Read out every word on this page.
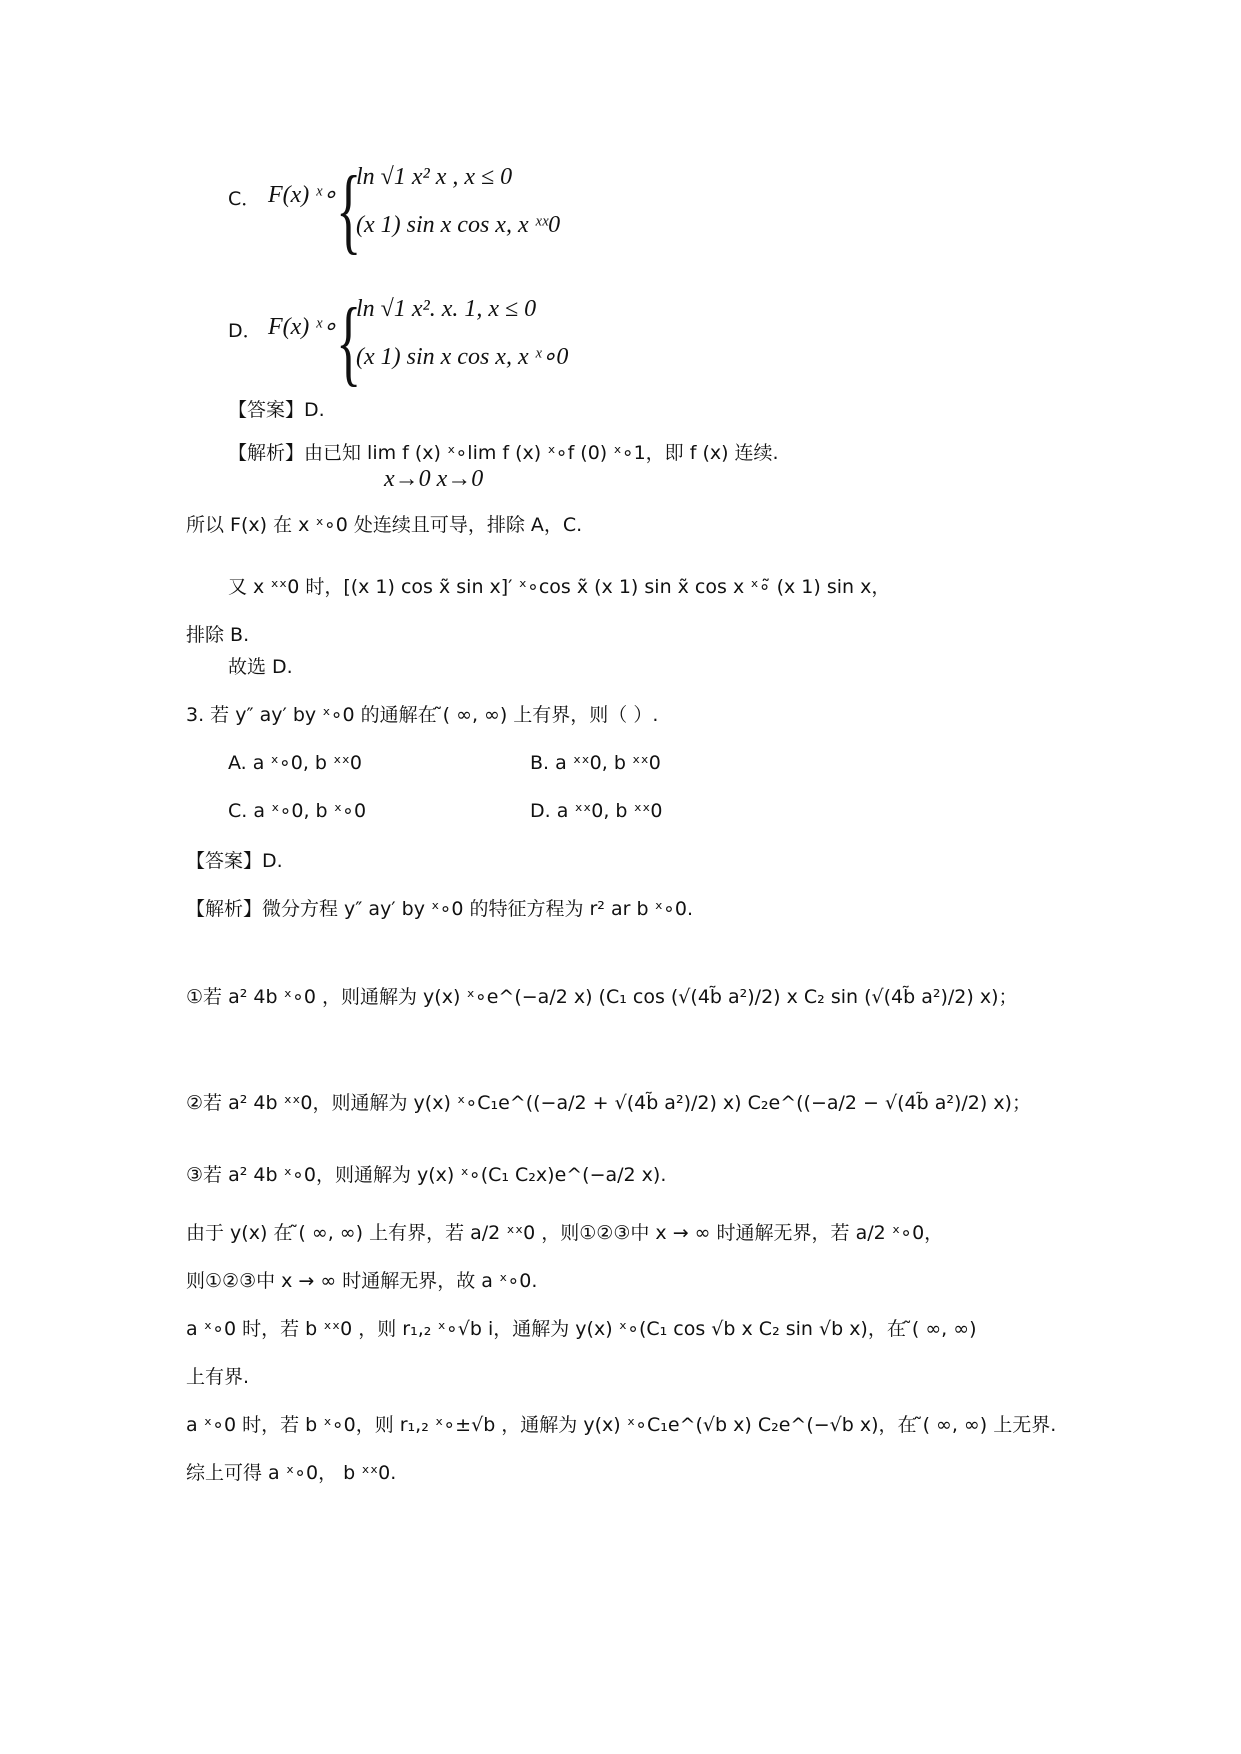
{
{
C． F(x) ˣ∘
ln √1 x² x , x ≤ 0
(x 1) sin x cos x, x ˣˣ0
D． F(x) ˣ∘
ln √1 x². x. 1, x ≤ 0
(x 1) sin x cos x, x ˣ∘0
【答案】D.
【解析】由已知 lim f (x) ˣ∘lim f (x) ˣ∘f (0) ˣ∘1，即 f (x) 连续.
x→0 x→0
所以 F(x) 在 x ˣ∘0 处连续且可导，排除 A，C.
又 x ˣˣ0 时，[(x 1) cos x̃ sin x]′ ˣ∘cos x̃ (x 1) sin x̃ cos x ˣ∘̃ (x 1) sin x，
排除 B.
故选 D.
3. 若 y″ ay′ by ˣ∘0 的通解在 ̃( ∞, ∞) 上有界，则（ ）.
A. a ˣ∘0, b ˣˣ0	B. a ˣˣ0, b ˣˣ0
C. a ˣ∘0, b ˣ∘0	D. a ˣˣ0, b ˣˣ0
【答案】D.
【解析】微分方程 y″ ay′ by ˣ∘0 的特征方程为 r² ar b ˣ∘0.
①若 a² 4b ˣ∘0 ，则通解为 y(x) ˣ∘e^(−a/2 x) (C₁ cos (√(4b̃ a²)/2) x C₂ sin (√(4b̃ a²)/2) x)；
②若 a² 4b ˣˣ0，则通解为 y(x) ˣ∘C₁e^((−a/2 + √(4b̃ a²)/2) x) C₂e^((−a/2 − √(4b̃ a²)/2) x)；
③若 a² 4b ˣ∘0，则通解为 y(x) ˣ∘(C₁ C₂x)e^(−a/2 x).
由于 y(x) 在 ̃( ∞, ∞) 上有界，若 a/2 ˣˣ0 ，则①②③中 x → ∞ 时通解无界，若 a/2 ˣ∘0，
则①②③中 x → ∞ 时通解无界，故 a ˣ∘0.
a ˣ∘0 时，若 b ˣˣ0 ，则 r₁,₂ ˣ∘√b i，通解为 y(x) ˣ∘(C₁ cos √b x C₂ sin √b x)，在 ̃( ∞, ∞)
上有界.
a ˣ∘0 时，若 b ˣ∘0，则 r₁,₂ ˣ∘±√b ，通解为 y(x) ˣ∘C₁e^(√b x) C₂e^(−√b x)，在 ̃( ∞, ∞) 上无界.
综上可得 a ˣ∘0， b ˣˣ0.
